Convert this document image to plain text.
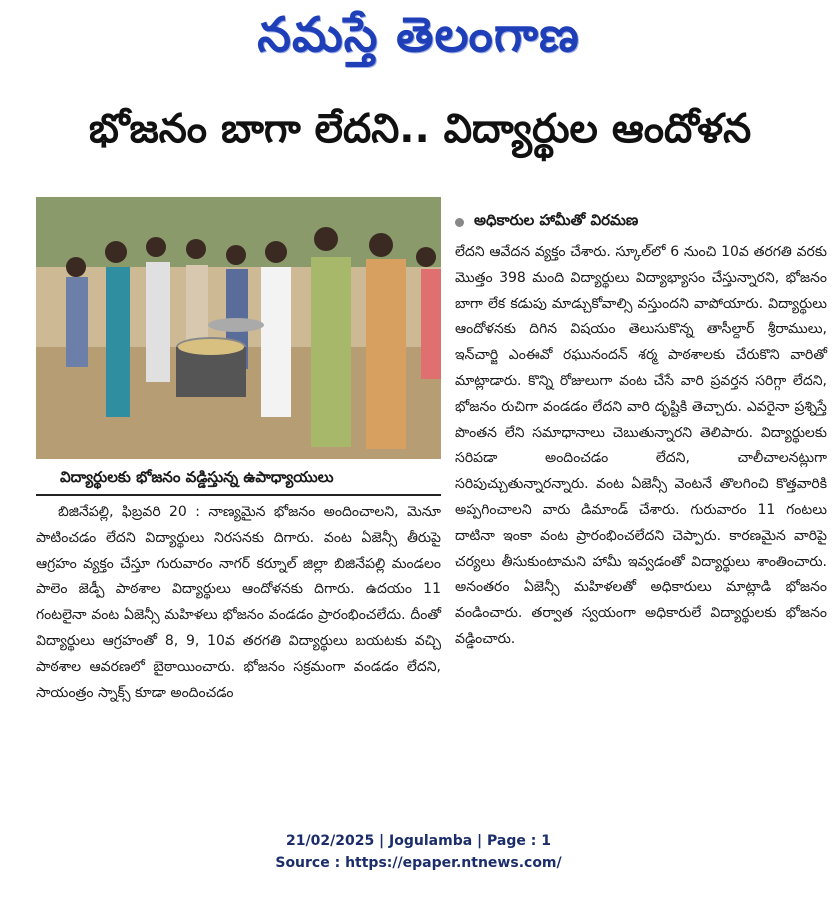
నమస్తే తెలంగాణ
భోజనం బాగా లేదని.. విద్యార్థుల ఆందోళన
విద్యార్థులకు భోజనం వడ్డిస్తున్న ఉపాధ్యాయులు

బిజినేపల్లి, ఫిబ్రవరి 20 : నాణ్యమైన భోజనం అందించాలని, మెనూ పాటించడం లేదని విద్యార్థులు నిరసనకు దిగారు. వంట ఏజెన్సీ తీరుపై ఆగ్రహం వ్యక్తం చేస్తూ గురువారం నాగర్ కర్నూల్ జిల్లా బిజినేపల్లి మండలం పాలెం జెడ్పీ పాఠశాల విద్యార్థులు ఆందోళనకు దిగారు. ఉదయం 11 గంటలైనా వంట ఏజెన్సీ మహిళలు భోజనం వండడం ప్రారంభించలేదు. దీంతో విద్యార్థులు ఆగ్రహంతో 8, 9, 10వ తరగతి విద్యార్థులు బయటకు వచ్చి పాఠశాల ఆవరణలో బైఠాయించారు. భోజనం సక్రమంగా వండడం లేదని, సాయంత్రం స్నాక్స్ కూడా అందించడం

అధికారుల హామీతో విరమణ

లేదని ఆవేదన వ్యక్తం చేశారు. స్కూల్‌లో 6 నుంచి 10వ తరగతి వరకు మొత్తం 398 మంది విద్యార్థులు విద్యాభ్యాసం చేస్తున్నారని, భోజనం బాగా లేక కడుపు మాడ్చుకోవాల్సి వస్తుందని వాపోయారు. విద్యార్థులు ఆందోళనకు దిగిన విషయం తెలుసుకొన్న తాసీల్దార్ శ్రీరాములు, ఇన్‌చార్జి ఎంఈవో రఘునందన్ శర్మ పాఠశాలకు చేరుకొని వారితో మాట్లాడారు. కొన్ని రోజులుగా వంట చేసే వారి ప్రవర్తన సరిగ్గా లేదని, భోజనం రుచిగా వండడం లేదని వారి దృష్టికి తెచ్చారు. ఎవరైనా ప్రశ్నిస్తే పొంతన లేని సమాధానాలు చెబుతున్నారని తెలిపారు. విద్యార్థులకు సరిపడా అందించడం లేదని, చాలీచాలనట్లుగా సరిపుచ్చుతున్నారన్నారు. వంట ఏజెన్సీ వెంటనే తొలగించి కొత్తవారికి అప్పగించాలని వారు డిమాండ్ చేశారు. గురువారం 11 గంటలు దాటినా ఇంకా వంట ప్రారంభించలేదని చెప్పారు. కారణమైన వారిపై చర్యలు తీసుకుంటామని హామీ ఇవ్వడంతో విద్యార్థులు శాంతించారు. అనంతరం ఏజెన్సీ మహిళలతో అధికారులు మాట్లాడి భోజనం వండించారు. తర్వాత స్వయంగా అధికారులే విద్యార్థులకు భోజనం వడ్డించారు.

21/02/2025 | Jogulamba | Page : 1
Source : https://epaper.ntnews.com/
